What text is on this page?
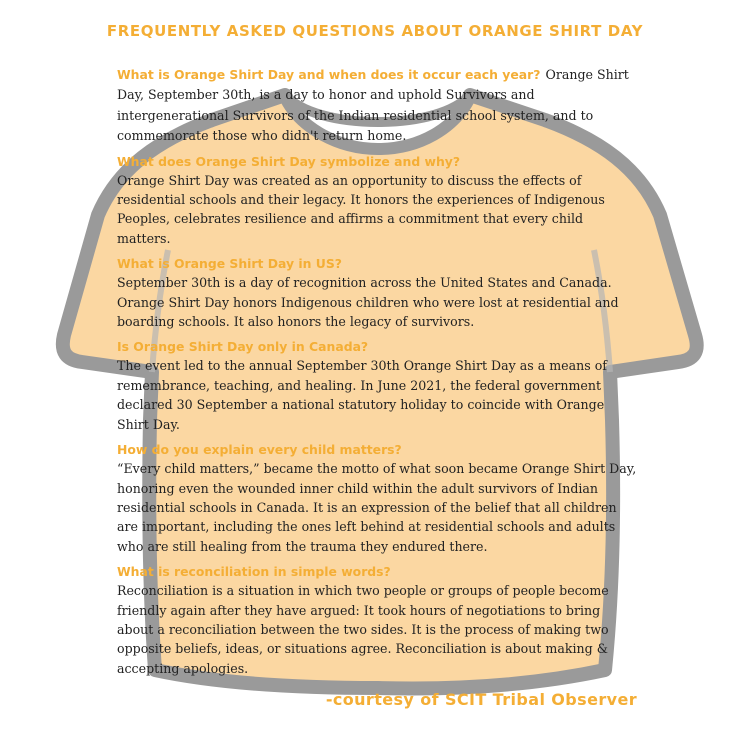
FREQUENTLY ASKED QUESTIONS ABOUT ORANGE SHIRT DAY

What is Orange Shirt Day and when does it occur each year? Orange Shirt Day, September 30th, is a day to honor and uphold Survivors and intergenerational Survivors of the Indian residential school system, and to commemorate those who didn't return home.

What does Orange Shirt Day symbolize and why?

Orange Shirt Day was created as an opportunity to discuss the effects of residential schools and their legacy. It honors the experiences of Indigenous Peoples, celebrates resilience and affirms a commitment that every child matters.

What is Orange Shirt Day in US?

September 30th is a day of recognition across the United States and Canada. Orange Shirt Day honors Indigenous children who were lost at residential and boarding schools. It also honors the legacy of survivors.

Is Orange Shirt Day only in Canada?

The event led to the annual September 30th Orange Shirt Day as a means of remembrance, teaching, and healing. In June 2021, the federal government declared 30 September a national statutory holiday to coincide with Orange Shirt Day.

How do you explain every child matters?

“Every child matters,” became the motto of what soon became Orange Shirt Day, honoring even the wounded inner child within the adult survivors of Indian residential schools in Canada. It is an expression of the belief that all children are important, including the ones left behind at residential schools and adults who are still healing from the trauma they endured there.

What is reconciliation in simple words?

Reconciliation is a situation in which two people or groups of people become friendly again after they have argued: It took hours of negotiations to bring about a reconciliation between the two sides. It is the process of making two opposite beliefs, ideas, or situations agree. Reconciliation is about making & accepting apologies.

-courtesy of SCIT Tribal Observer
